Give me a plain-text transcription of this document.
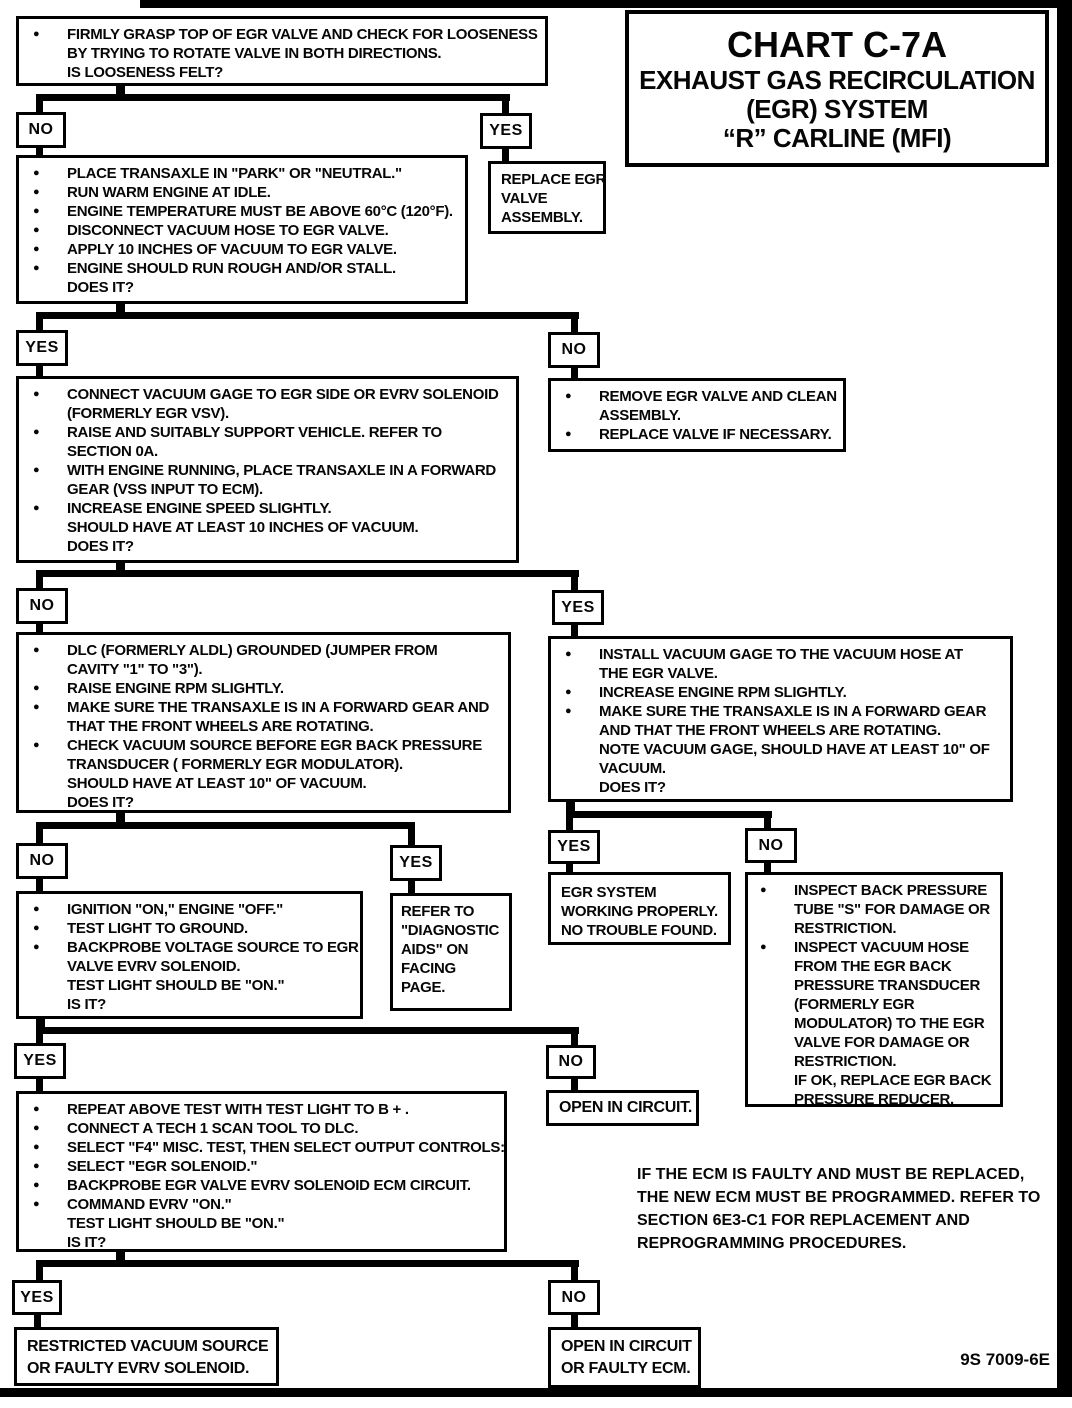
CHART C-7A
EXHAUST GAS RECIRCULATION
(EGR) SYSTEM
“R” CARLINE (MFI)
●
FIRMLY GRASP TOP OF EGR VALVE AND CHECK FOR LOOSENESS
BY TRYING TO ROTATE VALVE IN BOTH DIRECTIONS.
IS LOOSENESS FELT?
REPLACE EGR
VALVE
ASSEMBLY.
●
PLACE TRANSAXLE IN "PARK" OR "NEUTRAL."
●
RUN WARM ENGINE AT IDLE.
●
ENGINE TEMPERATURE MUST BE ABOVE 60°C (120°F).
●
DISCONNECT VACUUM HOSE TO EGR VALVE.
●
APPLY 10 INCHES OF VACUUM TO EGR VALVE.
●
ENGINE SHOULD RUN ROUGH AND/OR STALL.
DOES IT?
●
REMOVE EGR VALVE AND CLEAN
ASSEMBLY.
●
REPLACE VALVE IF NECESSARY.
●
CONNECT VACUUM GAGE TO EGR SIDE OR EVRV SOLENOID
(FORMERLY EGR VSV).
●
RAISE AND SUITABLY SUPPORT VEHICLE. REFER TO
SECTION 0A.
●
WITH ENGINE RUNNING, PLACE TRANSAXLE IN A FORWARD
GEAR (VSS INPUT TO ECM).
●
INCREASE ENGINE SPEED SLIGHTLY.
SHOULD HAVE AT LEAST 10 INCHES OF VACUUM.
DOES IT?
●
DLC (FORMERLY ALDL) GROUNDED (JUMPER FROM
CAVITY "1" TO "3").
●
RAISE ENGINE RPM SLIGHTLY.
●
MAKE SURE THE TRANSAXLE IS IN A FORWARD GEAR AND
THAT THE FRONT WHEELS ARE ROTATING.
●
CHECK VACUUM SOURCE BEFORE EGR BACK PRESSURE
TRANSDUCER ( FORMERLY EGR MODULATOR).
SHOULD HAVE AT LEAST 10" OF VACUUM.
DOES IT?
●
INSTALL VACUUM GAGE TO THE VACUUM HOSE AT
THE EGR VALVE.
●
INCREASE ENGINE RPM SLIGHTLY.
●
MAKE SURE THE TRANSAXLE IS IN A FORWARD GEAR
AND THAT THE FRONT WHEELS ARE ROTATING.
NOTE VACUUM GAGE, SHOULD HAVE AT LEAST 10" OF
VACUUM.
DOES IT?
●
IGNITION "ON," ENGINE "OFF."
●
TEST LIGHT TO GROUND.
●
BACKPROBE VOLTAGE SOURCE TO EGR
VALVE EVRV SOLENOID.
TEST LIGHT SHOULD BE "ON."
IS IT?
REFER TO
"DIAGNOSTIC
AIDS" ON
FACING
PAGE.
EGR SYSTEM
WORKING PROPERLY.
NO TROUBLE FOUND.
●
INSPECT BACK PRESSURE
TUBE "S" FOR DAMAGE OR
RESTRICTION.
●
INSPECT VACUUM HOSE
FROM THE EGR BACK
PRESSURE TRANSDUCER
(FORMERLY EGR
MODULATOR) TO THE EGR
VALVE FOR DAMAGE OR
RESTRICTION.
IF OK, REPLACE EGR BACK
PRESSURE REDUCER.
OPEN IN CIRCUIT.
●
REPEAT ABOVE TEST WITH TEST LIGHT TO B + .
●
CONNECT A TECH 1 SCAN TOOL TO DLC.
●
SELECT "F4" MISC. TEST, THEN SELECT OUTPUT CONTROLS:
●
SELECT "EGR SOLENOID."
●
BACKPROBE EGR VALVE EVRV SOLENOID ECM CIRCUIT.
●
COMMAND EVRV "ON."
TEST LIGHT SHOULD BE "ON."
IS IT?
RESTRICTED VACUUM SOURCE
OR FAULTY EVRV SOLENOID.
OPEN IN CIRCUIT
OR FAULTY ECM.
NO	YES
YES	NO
NO	YES
NO	YES
YES	NO
YES	NO
YES	NO
IF THE ECM IS FAULTY AND MUST BE REPLACED,
THE NEW ECM MUST BE PROGRAMMED. REFER TO
SECTION 6E3-C1 FOR REPLACEMENT AND
REPROGRAMMING PROCEDURES.
9S 7009-6E
